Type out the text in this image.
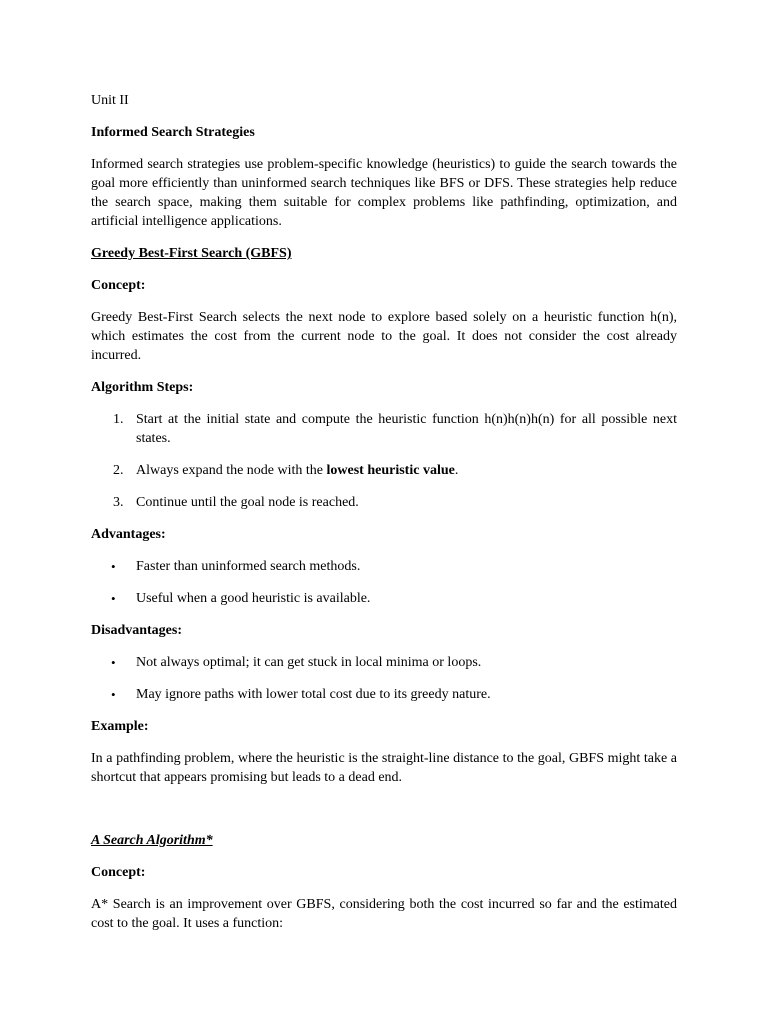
Unit II

Informed Search Strategies

Informed search strategies use problem-specific knowledge (heuristics) to guide the search towards the goal more efficiently than uninformed search techniques like BFS or DFS. These strategies help reduce the search space, making them suitable for complex problems like pathfinding, optimization, and artificial intelligence applications.

Greedy Best-First Search (GBFS)

Concept:

Greedy Best-First Search selects the next node to explore based solely on a heuristic function h(n), which estimates the cost from the current node to the goal. It does not consider the cost already incurred.

Algorithm Steps:

1. Start at the initial state and compute the heuristic function h(n)h(n)h(n) for all possible next states.
2. Always expand the node with the lowest heuristic value.
3. Continue until the goal node is reached.

Advantages:

•	Faster than uninformed search methods.
•	Useful when a good heuristic is available.

Disadvantages:

•	Not always optimal; it can get stuck in local minima or loops.
•	May ignore paths with lower total cost due to its greedy nature.

Example:

In a pathfinding problem, where the heuristic is the straight-line distance to the goal, GBFS might take a shortcut that appears promising but leads to a dead end.

A Search Algorithm*

Concept:

A* Search is an improvement over GBFS, considering both the cost incurred so far and the estimated cost to the goal. It uses a function:
